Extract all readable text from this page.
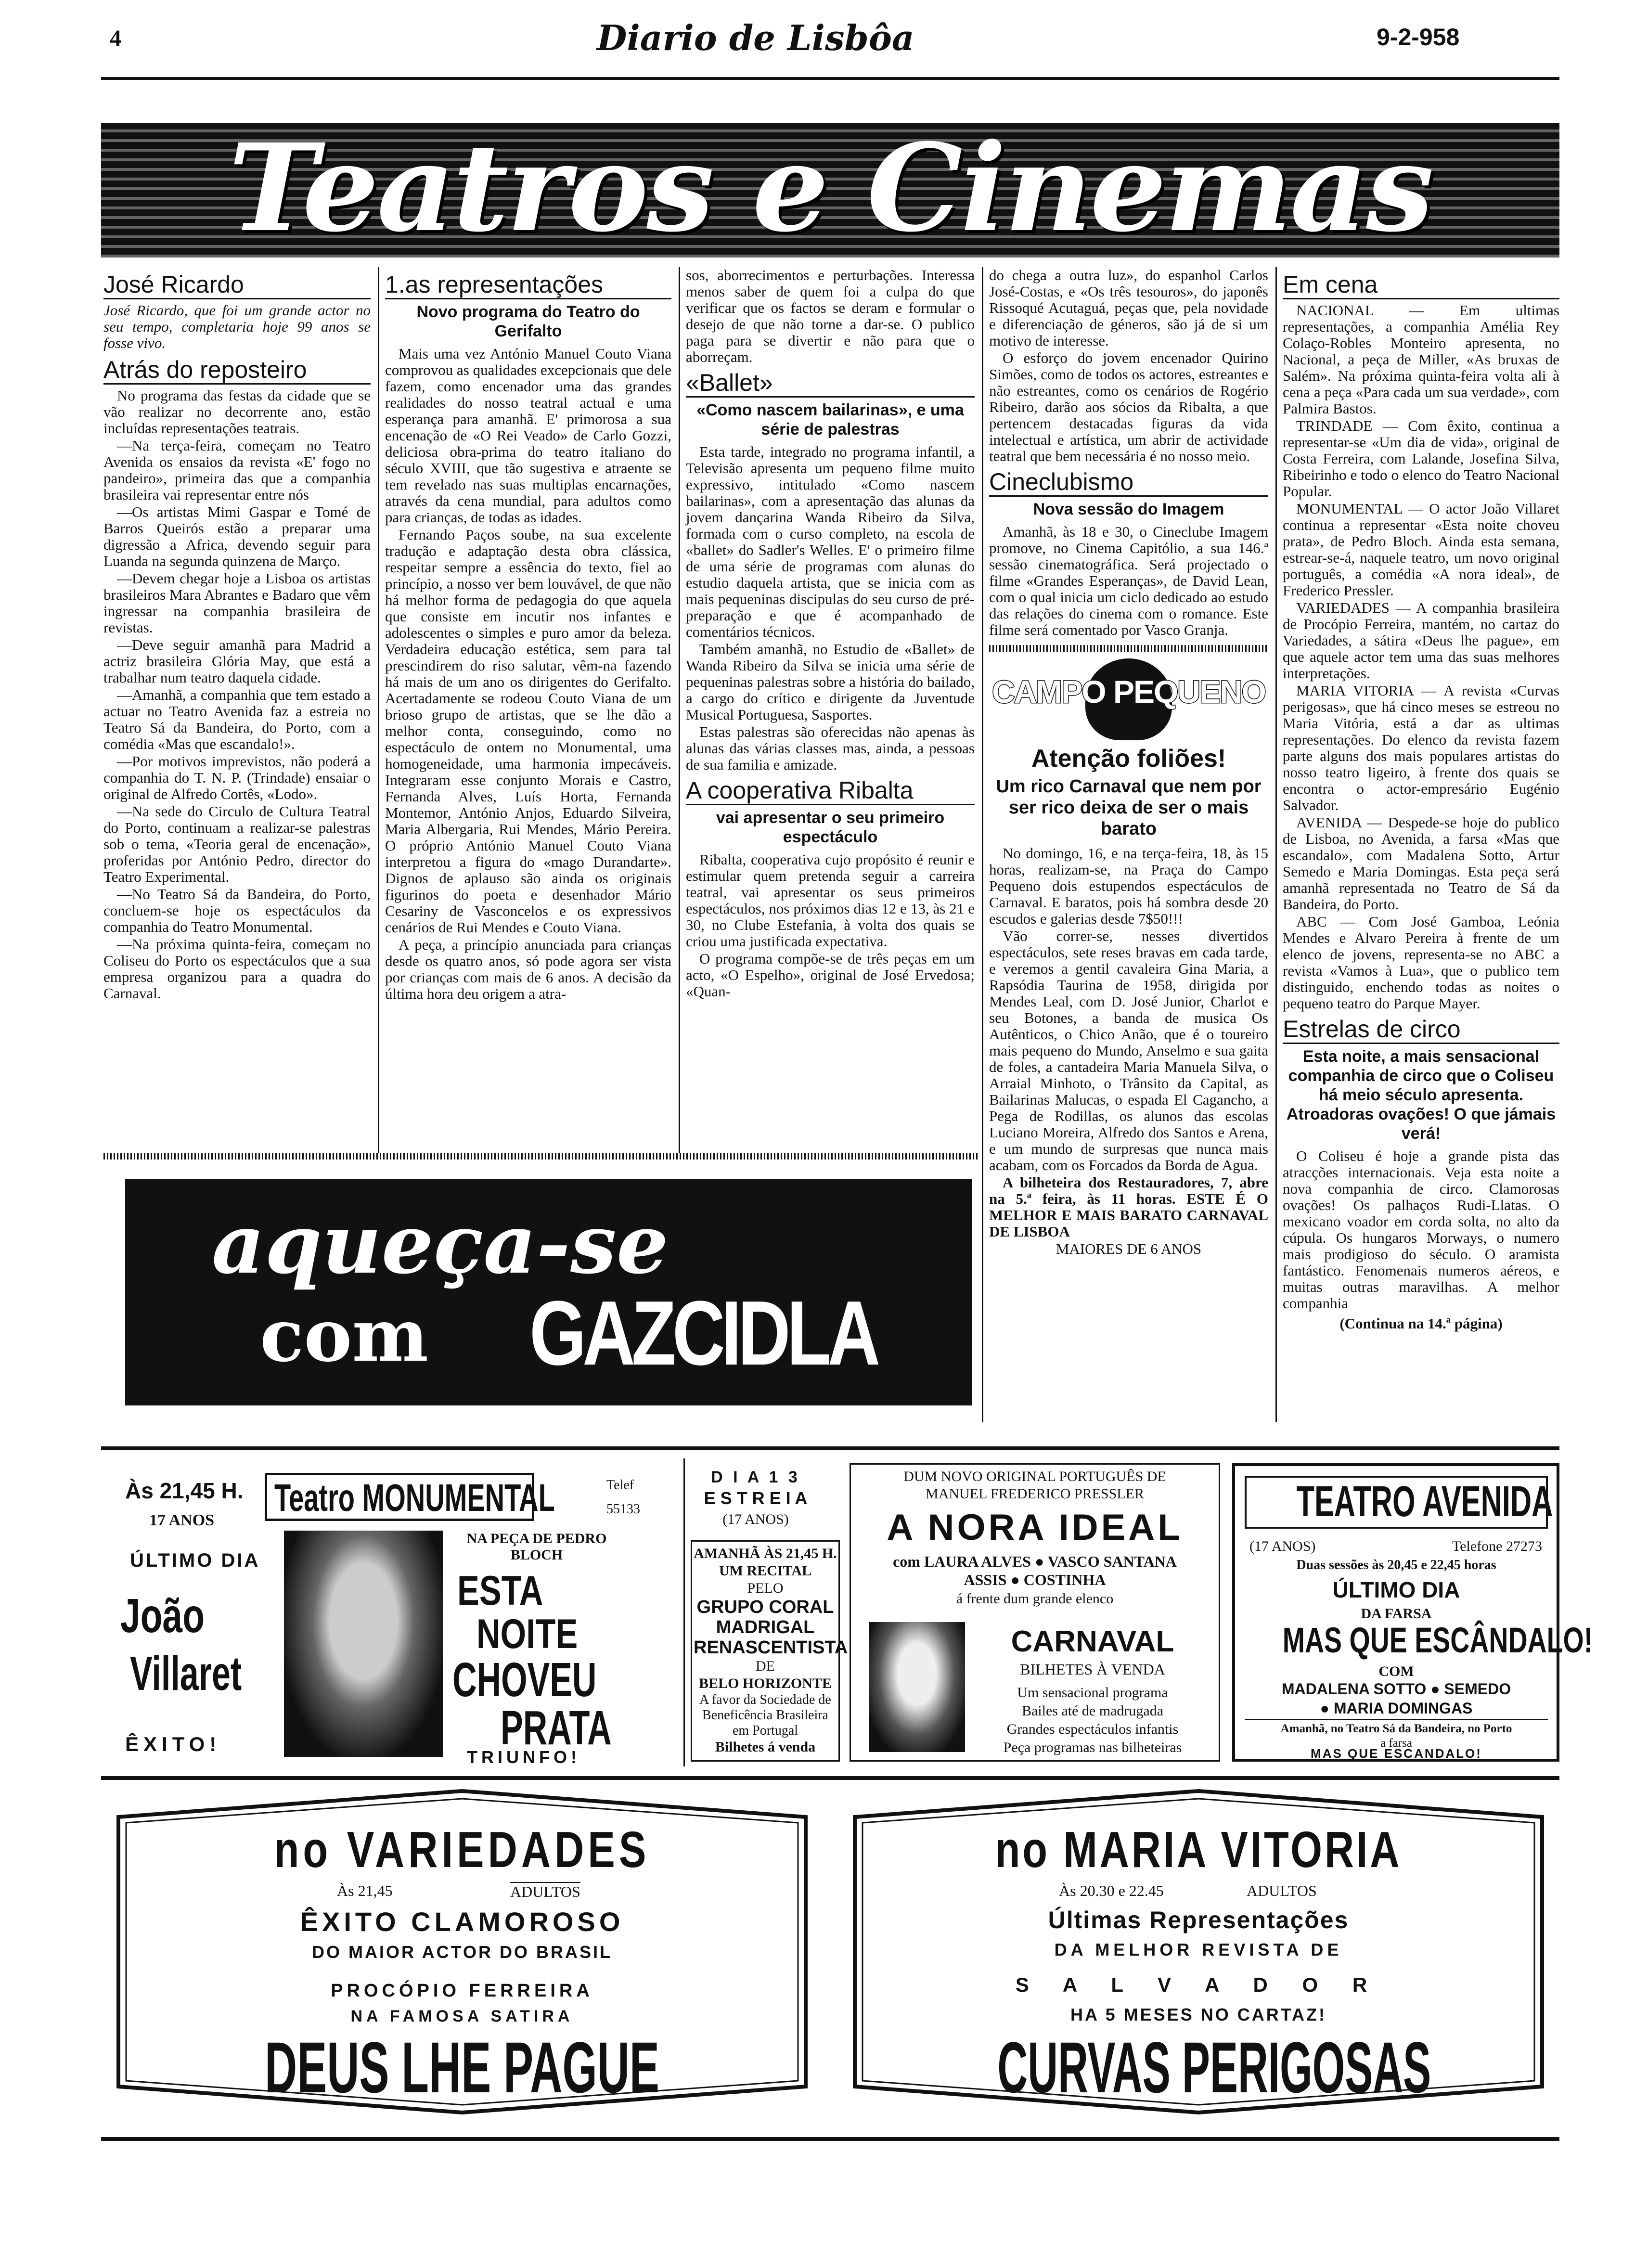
4	Diario de Lisbôa	9-2-958
Teatros e Cinemas
José Ricardo
José Ricardo, que foi um grande actor no seu tempo, completaria hoje 99 anos se fosse vivo.
Atrás do reposteiro

No programa das festas da cidade que se vão realizar no decorrente ano, estão incluídas representações teatrais.

—Na terça-feira, começam no Teatro Avenida os ensaios da revista «E' fogo no pandeiro», primeira das que a companhia brasileira vai representar entre nós

—Os artistas Mimi Gaspar e Tomé de Barros Queirós estão a preparar uma digressão a Africa, devendo seguir para Luanda na segunda quinzena de Março.

—Devem chegar hoje a Lisboa os artistas brasileiros Mara Abrantes e Badaro que vêm ingressar na companhia brasileira de revistas.

—Deve seguir amanhã para Madrid a actriz brasileira Glória May, que está a trabalhar num teatro daquela cidade.

—Amanhã, a companhia que tem estado a actuar no Teatro Avenida faz a estreia no Teatro Sá da Bandeira, do Porto, com a comédia «Mas que escandalo!».

—Por motivos imprevistos, não poderá a companhia do T. N. P. (Trindade) ensaiar o original de Alfredo Cortês, «Lodo».

—Na sede do Circulo de Cultura Teatral do Porto, continuam a realizar-se palestras sob o tema, «Teoria geral de encenação», proferidas por António Pedro, director do Teatro Experimental.

—No Teatro Sá da Bandeira, do Porto, concluem-se hoje os espectáculos da companhia do Teatro Monumental.

—Na próxima quinta-feira, começam no Coliseu do Porto os espectáculos que a sua empresa organizou para a quadra do Carnaval.

1.as representações
Novo programa do Teatro do Gerifalto

Mais uma vez António Manuel Couto Viana comprovou as qualidades excepcionais que dele fazem, como encenador uma das grandes realidades do nosso teatral actual e uma esperança para amanhã. E' primorosa a sua encenação de «O Rei Veado» de Carlo Gozzi, deliciosa obra-prima do teatro italiano do século XVIII, que tão sugestiva e atraente se tem revelado nas suas multiplas encarnações, através da cena mundial, para adultos como para crianças, de todas as idades.

Fernando Paços soube, na sua excelente tradução e adaptação desta obra clássica, respeitar sempre a essência do texto, fiel ao princípio, a nosso ver bem louvável, de que não há melhor forma de pedagogia do que aquela que consiste em incutir nos infantes e adolescentes o simples e puro amor da beleza. Verdadeira educação estética, sem para tal prescindirem do riso salutar, vêm-na fazendo há mais de um ano os dirigentes do Gerifalto. Acertadamente se rodeou Couto Viana de um brioso grupo de artistas, que se lhe dão a melhor conta, conseguindo, como no espectáculo de ontem no Monumental, uma homogeneidade, uma harmonia impecáveis. Integraram esse conjunto Morais e Castro, Fernanda Alves, Luís Horta, Fernanda Montemor, António Anjos, Eduardo Silveira, Maria Albergaria, Rui Mendes, Mário Pereira. O próprio António Manuel Couto Viana interpretou a figura do «mago Durandarte». Dignos de aplauso são ainda os originais figurinos do poeta e desenhador Mário Cesariny de Vasconcelos e os expressivos cenários de Rui Mendes e Couto Viana.

A peça, a princípio anunciada para crianças desde os quatro anos, só pode agora ser vista por crianças com mais de 6 anos. A decisão da última hora deu origem a atra-

sos, aborrecimentos e perturbações. Interessa menos saber de quem foi a culpa do que verificar que os factos se deram e formular o desejo de que não torne a dar-se. O publico paga para se divertir e não para que o aborreçam.

«Ballet»
«Como nascem bailarinas», e uma série de palestras

Esta tarde, integrado no programa infantil, a Televisão apresenta um pequeno filme muito expressivo, intitulado «Como nascem bailarinas», com a apresentação das alunas da jovem dançarina Wanda Ribeiro da Silva, formada com o curso completo, na escola de «ballet» do Sadler's Welles. E' o primeiro filme de uma série de programas com alunas do estudio daquela artista, que se inicia com as mais pequeninas discipulas do seu curso de pré-preparação e que é acompanhado de comentários técnicos.

Também amanhã, no Estudio de «Ballet» de Wanda Ribeiro da Silva se inicia uma série de pequeninas palestras sobre a história do bailado, a cargo do crítico e dirigente da Juventude Musical Portuguesa, Sasportes.

Estas palestras são oferecidas não apenas às alunas das várias classes mas, ainda, a pessoas de sua familia e amizade.

A cooperativa Ribalta
vai apresentar o seu primeiro espectáculo

Ribalta, cooperativa cujo propósito é reunir e estimular quem pretenda seguir a carreira teatral, vai apresentar os seus primeiros espectáculos, nos próximos dias 12 e 13, às 21 e 30, no Clube Estefania, à volta dos quais se criou uma justificada expectativa.

O programa compõe-se de três peças em um acto, «O Espelho», original de José Ervedosa; «Quan-

do chega a outra luz», do espanhol Carlos José-Costas, e «Os três tesouros», do japonês Rissoqué Acutaguá, peças que, pela novidade e diferenciação de géneros, são já de si um motivo de interesse.

O esforço do jovem encenador Quirino Simões, como de todos os actores, estreantes e não estreantes, como os cenários de Rogério Ribeiro, darão aos sócios da Ribalta, a que pertencem destacadas figuras da vida intelectual e artística, um abrir de actividade teatral que bem necessária é no nosso meio.

Cineclubismo
Nova sessão do Imagem

Amanhã, às 18 e 30, o Cineclube Imagem promove, no Cinema Capitólio, a sua 146.ª sessão cinematográfica. Será projectado o filme «Grandes Esperanças», de David Lean, com o qual inicia um ciclo dedicado ao estudo das relações do cinema com o romance. Este filme será comentado por Vasco Granja.

CAMPO PEQUENO
Atenção foliões!
Um rico Carnaval que nem por ser rico deixa de ser o mais barato

No domingo, 16, e na terça-feira, 18, às 15 horas, realizam-se, na Praça do Campo Pequeno dois estupendos espectáculos de Carnaval. E baratos, pois há sombra desde 20 escudos e galerias desde 7$50!!!

Vão correr-se, nesses divertidos espectáculos, sete reses bravas em cada tarde, e veremos a gentil cavaleira Gina Maria, a Rapsódia Taurina de 1958, dirigida por Mendes Leal, com D. José Junior, Charlot e seu Botones, a banda de musica Os Autênticos, o Chico Anão, que é o toureiro mais pequeno do Mundo, Anselmo e sua gaita de foles, a cantadeira Maria Manuela Silva, o Arraial Minhoto, o Trânsito da Capital, as Bailarinas Malucas, o espada El Cagancho, a Pega de Rodillas, os alunos das escolas Luciano Moreira, Alfredo dos Santos e Arena, e um mundo de surpresas que nunca mais acabam, com os Forcados da Borda de Agua.

A bilheteira dos Restauradores, 7, abre na 5.ª feira, às 11 horas. ESTE É O MELHOR E MAIS BARATO CARNAVAL DE LISBOA

MAIORES DE 6 ANOS
Em cena

NACIONAL — Em ultimas representações, a companhia Amélia Rey Colaço-Robles Monteiro apresenta, no Nacional, a peça de Miller, «As bruxas de Salém». Na próxima quinta-feira volta ali à cena a peça «Para cada um sua verdade», com Palmira Bastos.

TRINDADE — Com êxito, continua a representar-se «Um dia de vida», original de Costa Ferreira, com Lalande, Josefina Silva, Ribeirinho e todo o elenco do Teatro Nacional Popular.

MONUMENTAL — O actor João Villaret continua a representar «Esta noite choveu prata», de Pedro Bloch. Ainda esta semana, estrear-se-á, naquele teatro, um novo original português, a comédia «A nora ideal», de Frederico Pressler.

VARIEDADES — A companhia brasileira de Procópio Ferreira, mantém, no cartaz do Variedades, a sátira «Deus lhe pague», em que aquele actor tem uma das suas melhores interpretações.

MARIA VITORIA — A revista «Curvas perigosas», que há cinco meses se estreou no Maria Vitória, está a dar as ultimas representações. Do elenco da revista fazem parte alguns dos mais populares artistas do nosso teatro ligeiro, à frente dos quais se encontra o actor-empresário Eugénio Salvador.

AVENIDA — Despede-se hoje do publico de Lisboa, no Avenida, a farsa «Mas que escandalo», com Madalena Sotto, Artur Semedo e Maria Domingas. Esta peça será amanhã representada no Teatro de Sá da Bandeira, do Porto.

ABC — Com José Gamboa, Leónia Mendes e Alvaro Pereira à frente de um elenco de jovens, representa-se no ABC a revista «Vamos à Lua», que o publico tem distinguido, enchendo todas as noites o pequeno teatro do Parque Mayer.

Estrelas de circo
Esta noite, a mais sensacional companhia de circo que o Coliseu há meio século apresenta. Atroadoras ovações! O que jámais verá!

O Coliseu é hoje a grande pista das atracções internacionais. Veja esta noite a nova companhia de circo. Clamorosas ovações! Os palhaços Rudi-Llatas. O mexicano voador em corda solta, no alto da cúpula. Os hungaros Morways, o numero mais prodigioso do século. O aramista fantástico. Fenomenais numeros aéreos, e muitas outras maravilhas. A melhor companhia

(Continua na 14.ª página)
aqueça-se
com GAZCIDLA
Às 21,45 H.
17 ANOS
ÚLTIMO DIA
João
Villaret
ÊXITO!
Teatro MONUMENTAL	Telef
55133
NA PEÇA DE PEDRO BLOCH
ESTA
NOITE
CHOVEU
PRATA
TRIUNFO!
D I A 1 3
E S T R E I A
(17 ANOS)
AMANHÃ ÀS 21,45 H.
UM RECITAL
PELO
GRUPO CORAL MADRIGAL RENASCENTISTA
DE
BELO HORIZONTE
A favor da Sociedade de Beneficência Brasileira em Portugal
Bilhetes á venda
DUM NOVO ORIGINAL PORTUGUÊS DE MANUEL FREDERICO PRESSLER
A NORA IDEAL
com LAURA ALVES ● VASCO SANTANA ASSIS ● COSTINHA
á frente dum grande elenco
CARNAVAL
BILHETES À VENDA
Um sensacional programa
Bailes até de madrugada
Grandes espectáculos infantis
Peça programas nas bilheteiras
TEATRO AVENIDA
(17 ANOS)	Telefone 27273
Duas sessões às 20,45 e 22,45 horas
ÚLTIMO DIA
DA FARSA
MAS QUE ESCÂNDALO!
COM
MADALENA SOTTO ● SEMEDO
● MARIA DOMINGAS
Amanhã, no Teatro Sá da Bandeira, no Porto
a farsa
MAS QUE ESCANDALO!
no VARIEDADES
Às 21,45	ADULTOS
ÊXITO CLAMOROSO
DO MAIOR ACTOR DO BRASIL
PROCÓPIO FERREIRA
NA FAMOSA SATIRA
DEUS LHE PAGUE
no MARIA VITORIA
Às 20.30 e 22.45	ADULTOS
Últimas Representações
DA MELHOR REVISTA DE
S A L V A D O R
HA 5 MESES NO CARTAZ!
CURVAS PERIGOSAS
